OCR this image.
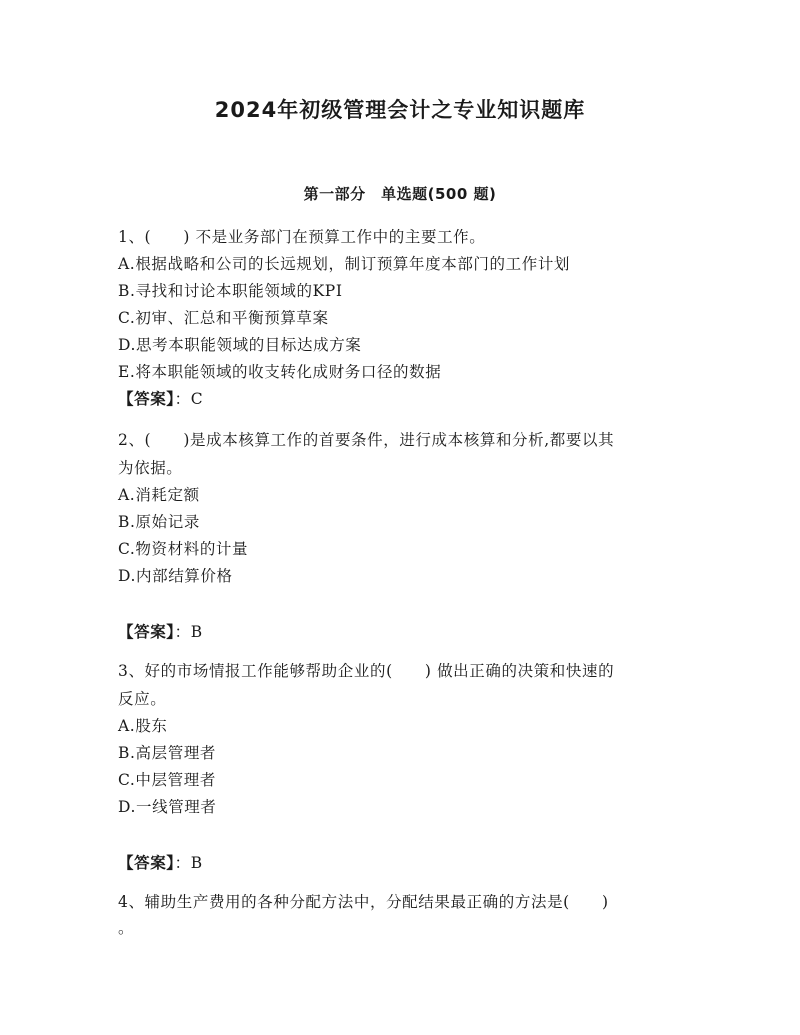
2024年初级管理会计之专业知识题库
第一部分　单选题(500 题)
1、(　　) 不是业务部门在预算工作中的主要工作。
A.根据战略和公司的长远规划，制订预算年度本部门的工作计划
B.寻找和讨论本职能领域的KPI
C.初审、汇总和平衡预算草案
D.思考本职能领域的目标达成方案
E.将本职能领域的收支转化成财务口径的数据
【答案】：C
2、(　　)是成本核算工作的首要条件，进行成本核算和分析,都要以其
为依据。
A.消耗定额
B.原始记录
C.物资材料的计量
D.内部结算价格
【答案】：B
3、好的市场情报工作能够帮助企业的(　　) 做出正确的决策和快速的
反应。
A.股东
B.高层管理者
C.中层管理者
D.一线管理者
【答案】：B
4、辅助生产费用的各种分配方法中，分配结果最正确的方法是(　　)
。
